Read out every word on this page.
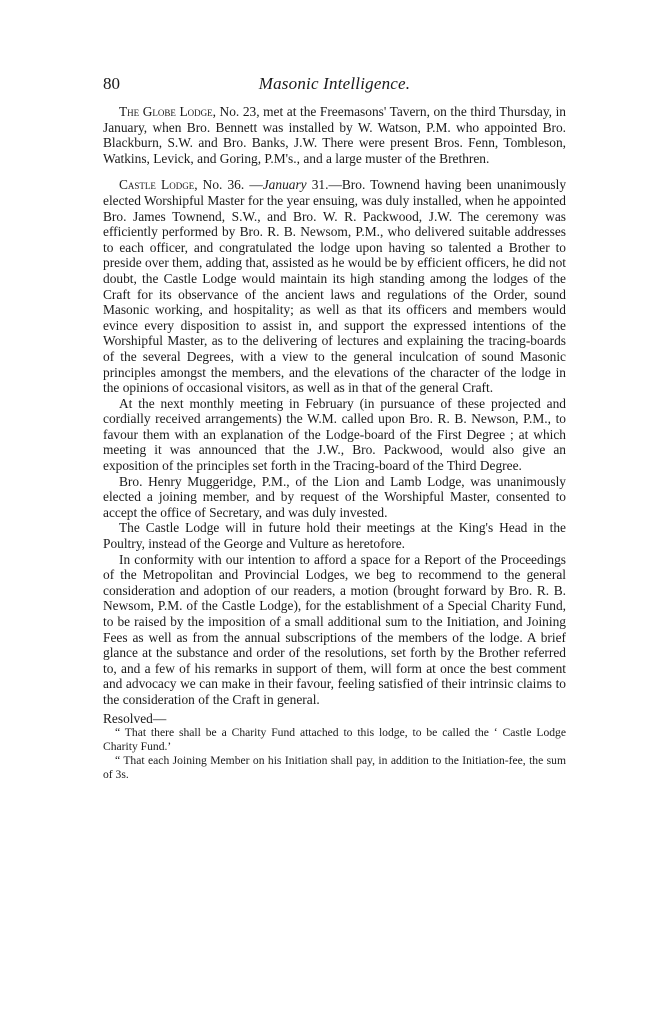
80	Masonic Intelligence.

The Globe Lodge, No. 23, met at the Freemasons' Tavern, on the third Thursday, in January, when Bro. Bennett was installed by W. Watson, P.M. who appointed Bro. Blackburn, S.W. and Bro. Banks, J.W. There were present Bros. Fenn, Tombleson, Watkins, Levick, and Goring, P.M's., and a large muster of the Brethren.

Castle Lodge, No. 36. —January 31.—Bro. Townend having been unanimously elected Worshipful Master for the year ensuing, was duly installed, when he appointed Bro. James Townend, S.W., and Bro. W. R. Packwood, J.W. The ceremony was efficiently performed by Bro. R. B. Newsom, P.M., who delivered suitable addresses to each officer, and congratulated the lodge upon having so talented a Brother to preside over them, adding that, assisted as he would be by efficient officers, he did not doubt, the Castle Lodge would maintain its high standing among the lodges of the Craft for its observance of the ancient laws and regulations of the Order, sound Masonic working, and hospitality; as well as that its officers and members would evince every disposition to assist in, and support the expressed intentions of the Worshipful Master, as to the delivering of lectures and explaining the tracing-boards of the several Degrees, with a view to the general inculcation of sound Masonic principles amongst the members, and the elevations of the character of the lodge in the opinions of occasional visitors, as well as in that of the general Craft.

At the next monthly meeting in February (in pursuance of these projected and cordially received arrangements) the W.M. called upon Bro. R. B. Newson, P.M., to favour them with an explanation of the Lodge-board of the First Degree ; at which meeting it was announced that the J.W., Bro. Packwood, would also give an exposition of the principles set forth in the Tracing-board of the Third Degree.

Bro. Henry Muggeridge, P.M., of the Lion and Lamb Lodge, was unanimously elected a joining member, and by request of the Worshipful Master, consented to accept the office of Secretary, and was duly invested.

The Castle Lodge will in future hold their meetings at the King's Head in the Poultry, instead of the George and Vulture as heretofore.

In conformity with our intention to afford a space for a Report of the Proceedings of the Metropolitan and Provincial Lodges, we beg to recommend to the general consideration and adoption of our readers, a motion (brought forward by Bro. R. B. Newsom, P.M. of the Castle Lodge), for the establishment of a Special Charity Fund, to be raised by the imposition of a small additional sum to the Initiation, and Joining Fees as well as from the annual subscriptions of the members of the lodge. A brief glance at the substance and order of the resolutions, set forth by the Brother referred to, and a few of his remarks in support of them, will form at once the best comment and advocacy we can make in their favour, feeling satisfied of their intrinsic claims to the consideration of the Craft in general.

Resolved—

“ That there shall be a Charity Fund attached to this lodge, to be called the ‘ Castle Lodge Charity Fund.’

“ That each Joining Member on his Initiation shall pay, in addition to the Initiation-fee, the sum of 3s.
